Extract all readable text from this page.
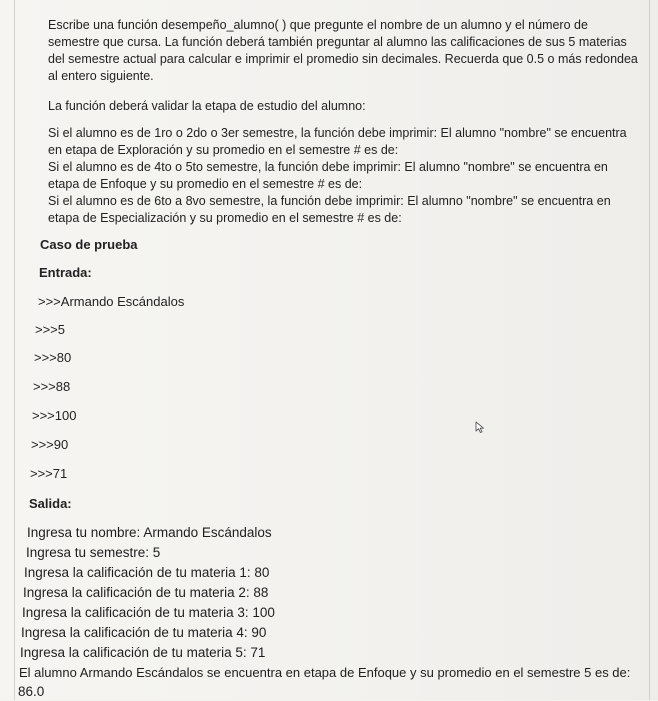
Escribe una función desempeño_alumno( ) que pregunte el nombre de un alumno y el número de
semestre que cursa. La función deberá también preguntar al alumno las calificaciones de sus 5 materias
del semestre actual para calcular e imprimir el promedio sin decimales. Recuerda que 0.5 o más redondea
al entero siguiente.
La función deberá validar la etapa de estudio del alumno:
Si el alumno es de 1ro o 2do o 3er semestre, la función debe imprimir: El alumno "nombre" se encuentra
en etapa de Exploración y su promedio en el semestre # es de:
Si el alumno es de 4to o 5to semestre, la función debe imprimir: El alumno "nombre" se encuentra en
etapa de Enfoque y su promedio en el semestre # es de:
Si el alumno es de 6to a 8vo semestre, la función debe imprimir: El alumno "nombre" se encuentra en
etapa de Especialización y su promedio en el semestre # es de:
Caso de prueba
Entrada:
>>>Armando Escándalos
>>>5
>>>80
>>>88
>>>100
>>>90
>>>71
Salida:
Ingresa tu nombre: Armando Escándalos
Ingresa tu semestre: 5
Ingresa la calificación de tu materia 1: 80
Ingresa la calificación de tu materia 2: 88
Ingresa la calificación de tu materia 3: 100
Ingresa la calificación de tu materia 4: 90
Ingresa la calificación de tu materia 5: 71
El alumno Armando Escándalos se encuentra en etapa de Enfoque y su promedio en el semestre 5 es de:
86.0
